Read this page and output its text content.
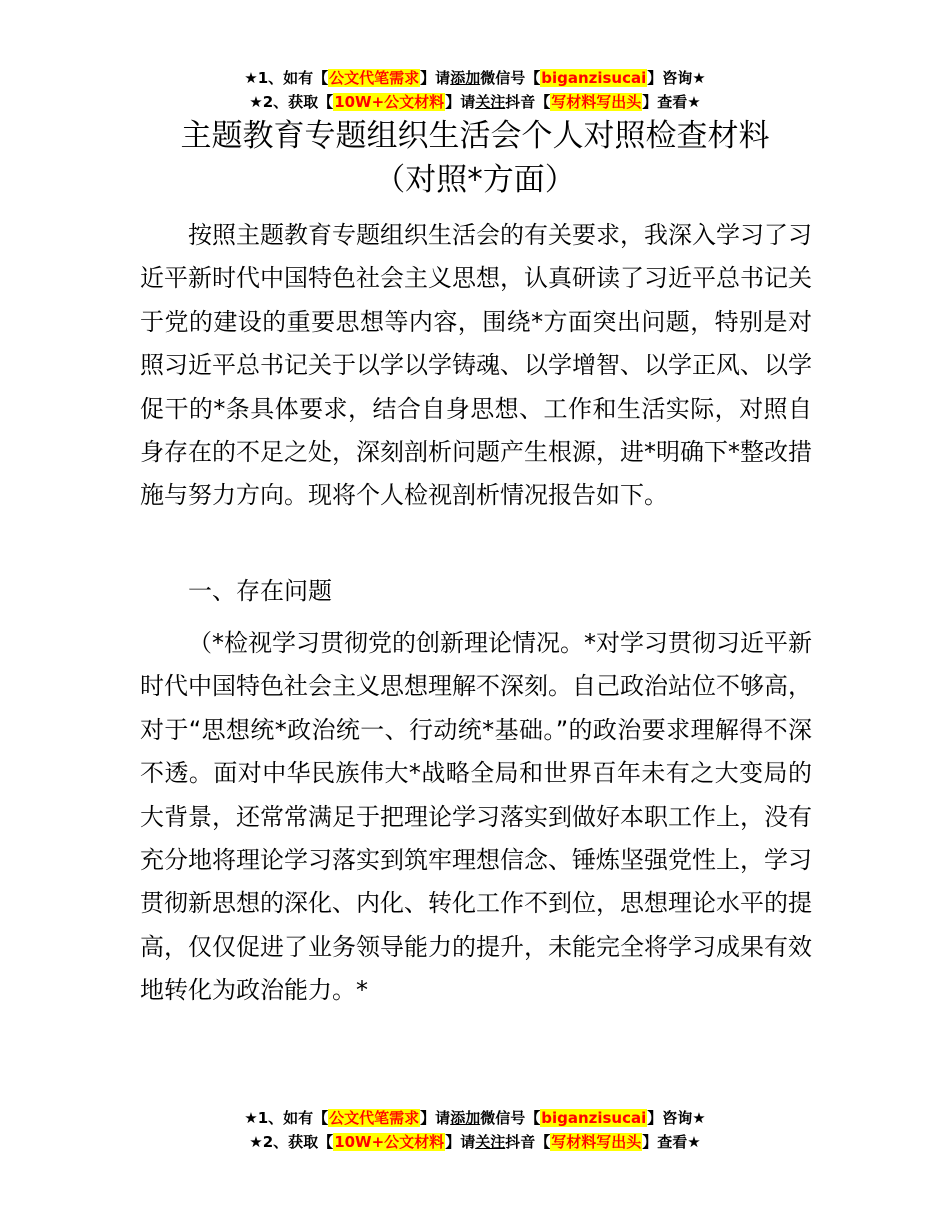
★1、如有【公文代笔需求】请添加微信号【biganzisucai】咨询★
★2、获取【10W+公文材料】请关注抖音【写材料写出头】查看★
主题教育专题组织生活会个人对照检查材料
（对照*方面）

按照主题教育专题组织生活会的有关要求，我深入学习了习近平新时代中国特色社会主义思想，认真研读了习近平总书记关于党的建设的重要思想等内容，围绕*方面突出问题，特别是对照习近平总书记关于以学以学铸魂、以学增智、以学正风、以学促干的*条具体要求，结合自身思想、工作和生活实际，对照自身存在的不足之处，深刻剖析问题产生根源，进*明确下*整改措施与努力方向。现将个人检视剖析情况报告如下。

一、存在问题

（*检视学习贯彻党的创新理论情况。*对学习贯彻习近平新时代中国特色社会主义思想理解不深刻。自己政治站位不够高，对于“思想统*政治统一、行动统*基础。”的政治要求理解得不深不透。面对中华民族伟大*战略全局和世界百年未有之大变局的大背景，还常常满足于把理论学习落实到做好本职工作上，没有充分地将理论学习落实到筑牢理想信念、锤炼坚强党性上，学习贯彻新思想的深化、内化、转化工作不到位，思想理论水平的提高，仅仅促进了业务领导能力的提升，未能完全将学习成果有效地转化为政治能力。*

★1、如有【公文代笔需求】请添加微信号【biganzisucai】咨询★
★2、获取【10W+公文材料】请关注抖音【写材料写出头】查看★
